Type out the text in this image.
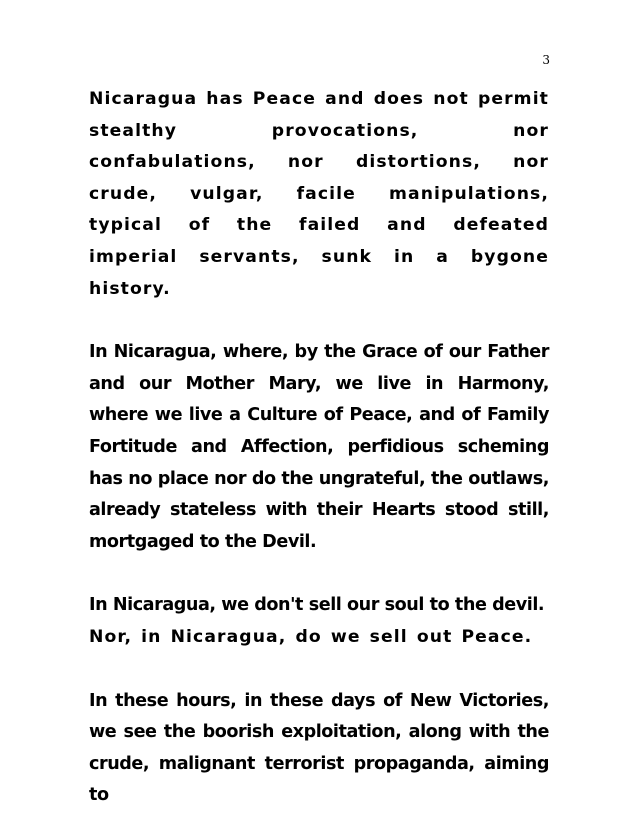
3

Nicaragua has Peace and does not permit stealthy provocations, nor confabulations, nor distortions, nor crude, vulgar, facile manipulations, typical of the failed and defeated imperial servants, sunk in a bygone history.

In Nicaragua, where, by the Grace of our Father and our Mother Mary, we live in Harmony, where we live a Culture of Peace, and of Family Fortitude and Affection, perfidious scheming has no place nor do the ungrateful, the outlaws, already stateless with their Hearts stood still, mortgaged to the Devil.

In Nicaragua, we don't sell our soul to the devil.

Nor, in Nicaragua, do we sell out Peace.

In these hours, in these days of New Victories, we see the boorish exploitation, along with the crude, malignant terrorist propaganda, aiming to
